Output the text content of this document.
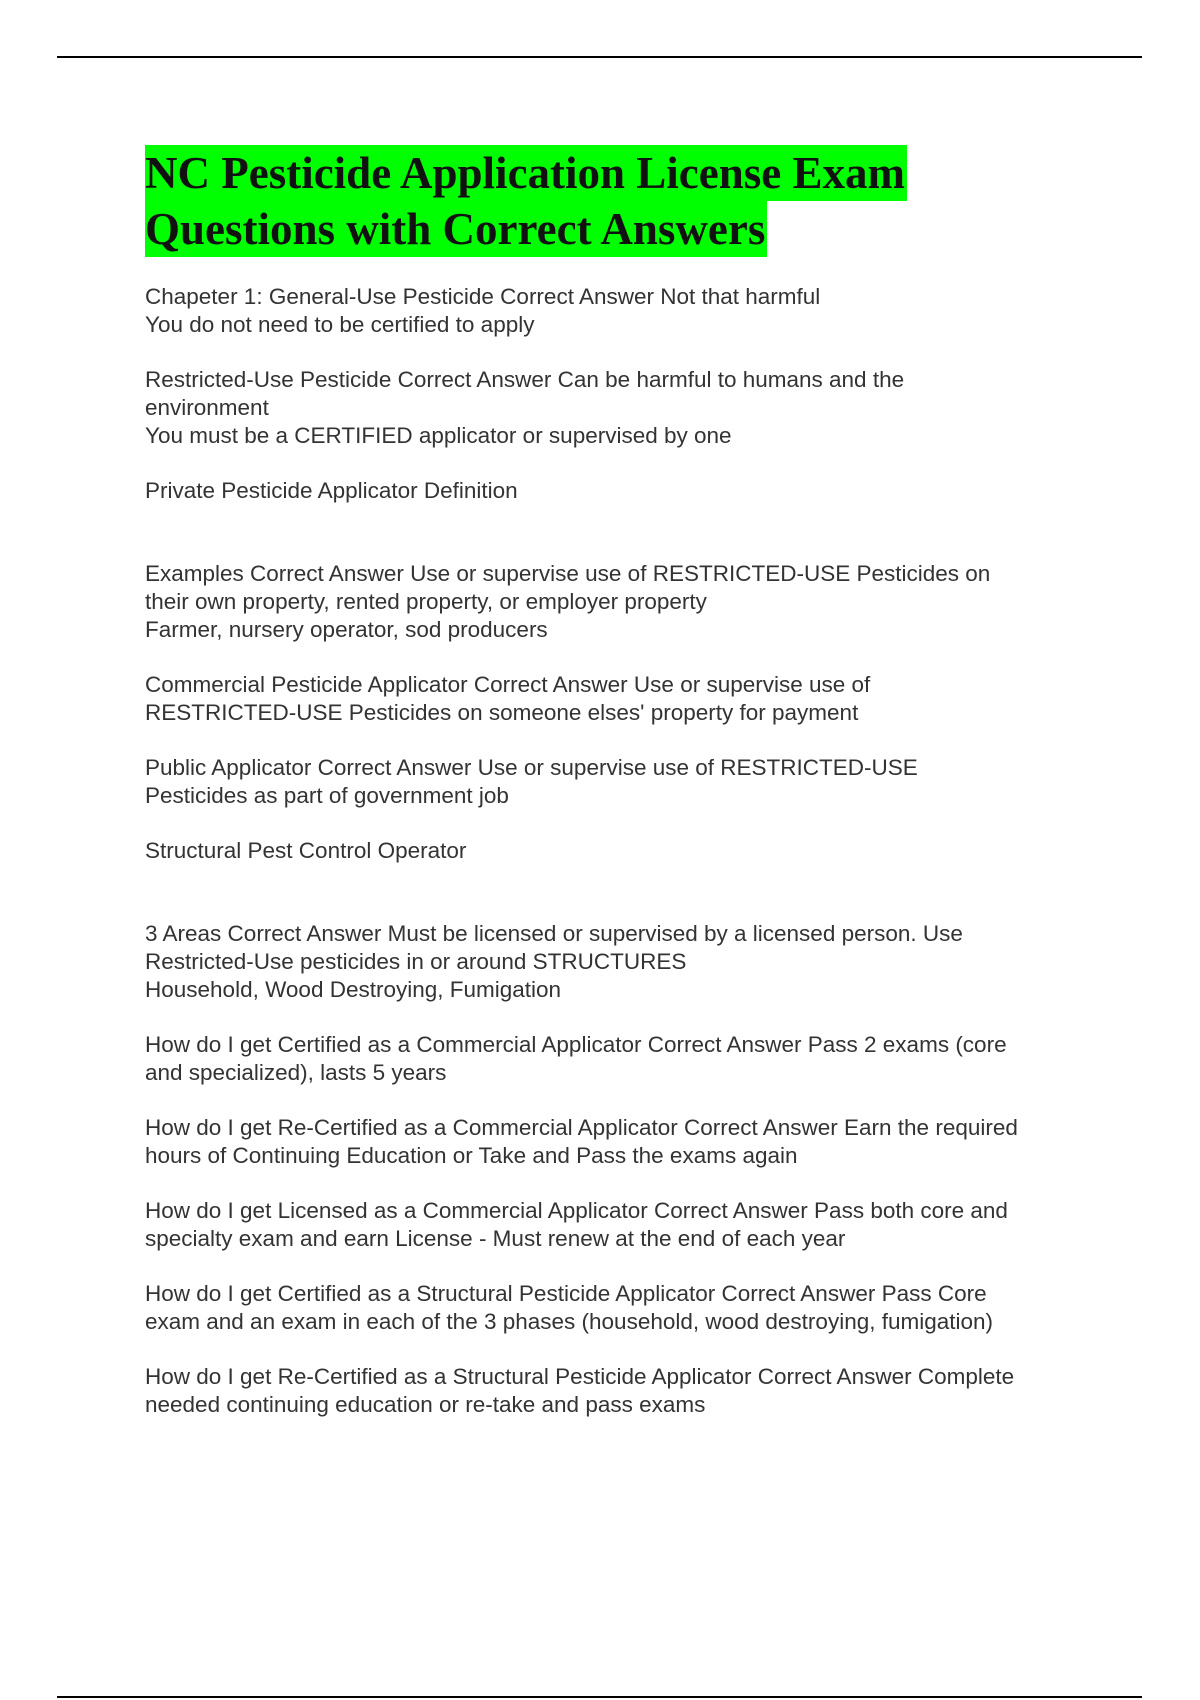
NC Pesticide Application License Exam
Questions with Correct Answers
Chapeter 1: General-Use Pesticide Correct Answer Not that harmful
You do not need to be certified to apply
Restricted-Use Pesticide Correct Answer Can be harmful to humans and the
environment
You must be a CERTIFIED applicator or supervised by one
Private Pesticide Applicator Definition
Examples Correct Answer Use or supervise use of RESTRICTED-USE Pesticides on
their own property, rented property, or employer property
Farmer, nursery operator, sod producers
Commercial Pesticide Applicator Correct Answer Use or supervise use of
RESTRICTED-USE Pesticides on someone elses' property for payment
Public Applicator Correct Answer Use or supervise use of RESTRICTED-USE
Pesticides as part of government job
Structural Pest Control Operator
3 Areas Correct Answer Must be licensed or supervised by a licensed person. Use
Restricted-Use pesticides in or around STRUCTURES
Household, Wood Destroying, Fumigation
How do I get Certified as a Commercial Applicator Correct Answer Pass 2 exams (core
and specialized), lasts 5 years
How do I get Re-Certified as a Commercial Applicator Correct Answer Earn the required
hours of Continuing Education or Take and Pass the exams again
How do I get Licensed as a Commercial Applicator Correct Answer Pass both core and
specialty exam and earn License - Must renew at the end of each year
How do I get Certified as a Structural Pesticide Applicator Correct Answer Pass Core
exam and an exam in each of the 3 phases (household, wood destroying, fumigation)
How do I get Re-Certified as a Structural Pesticide Applicator Correct Answer Complete
needed continuing education or re-take and pass exams
